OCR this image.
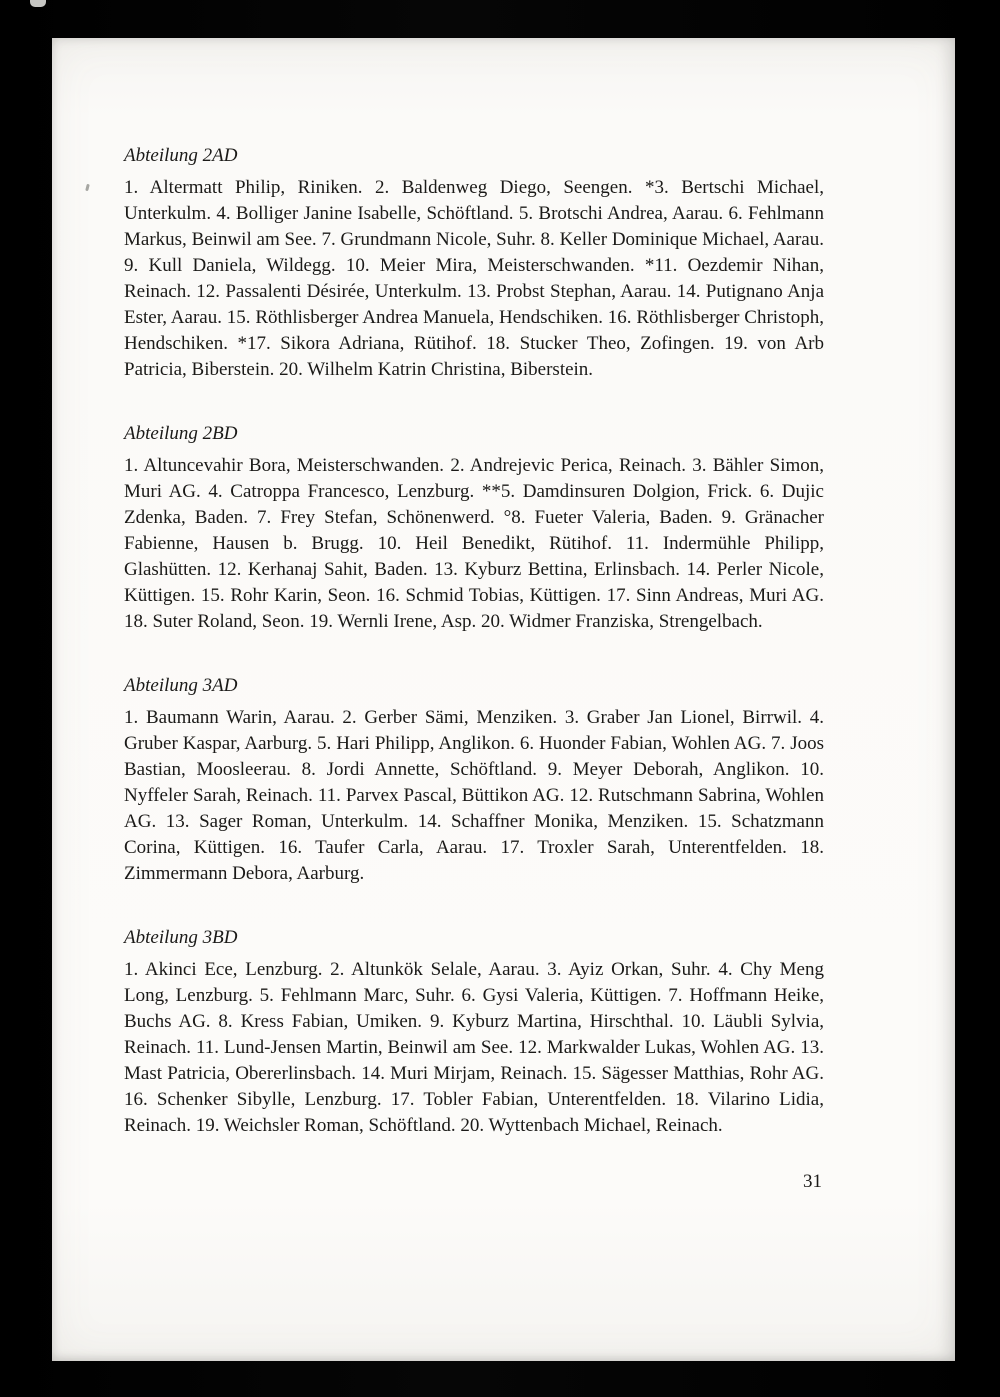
Abteilung 2AD

1. Altermatt Philip, Riniken. 2. Baldenweg Diego, Seengen. *3. Bertschi Michael, Unterkulm. 4. Bolliger Janine Isabelle, Schöftland. 5. Brotschi Andrea, Aarau. 6. Fehlmann Markus, Beinwil am See. 7. Grundmann Nicole, Suhr. 8. Keller Dominique Michael, Aarau. 9. Kull Daniela, Wildegg. 10. Meier Mira, Meisterschwanden. *11. Oezdemir Nihan, Reinach. 12. Passalenti Désirée, Unterkulm. 13. Probst Stephan, Aarau. 14. Putignano Anja Ester, Aarau. 15. Röthlisberger Andrea Manuela, Hendschiken. 16. Röthlisberger Christoph, Hendschiken. *17. Sikora Adriana, Rütihof. 18. Stucker Theo, Zofingen. 19. von Arb Patricia, Biberstein. 20. Wilhelm Katrin Christina, Biberstein.

Abteilung 2BD

1. Altuncevahir Bora, Meisterschwanden. 2. Andrejevic Perica, Reinach. 3. Bähler Simon, Muri AG. 4. Catroppa Francesco, Lenzburg. **5. Damdinsuren Dolgion, Frick. 6. Dujic Zdenka, Baden. 7. Frey Stefan, Schönenwerd. °8. Fueter Valeria, Baden. 9. Gränacher Fabienne, Hausen b. Brugg. 10. Heil Benedikt, Rütihof. 11. Indermühle Philipp, Glashütten. 12. Kerhanaj Sahit, Baden. 13. Kyburz Bettina, Erlinsbach. 14. Perler Nicole, Küttigen. 15. Rohr Karin, Seon. 16. Schmid Tobias, Küttigen. 17. Sinn Andreas, Muri AG. 18. Suter Roland, Seon. 19. Wernli Irene, Asp. 20. Widmer Franziska, Strengelbach.

Abteilung 3AD

1. Baumann Warin, Aarau. 2. Gerber Sämi, Menziken. 3. Graber Jan Lionel, Birrwil. 4. Gruber Kaspar, Aarburg. 5. Hari Philipp, Anglikon. 6. Huonder Fabian, Wohlen AG. 7. Joos Bastian, Moosleerau. 8. Jordi Annette, Schöftland. 9. Meyer Deborah, Anglikon. 10. Nyffeler Sarah, Reinach. 11. Parvex Pascal, Büttikon AG. 12. Rutschmann Sabrina, Wohlen AG. 13. Sager Roman, Unterkulm. 14. Schaffner Monika, Menziken. 15. Schatzmann Corina, Küttigen. 16. Taufer Carla, Aarau. 17. Troxler Sarah, Unterentfelden. 18. Zimmermann Debora, Aarburg.

Abteilung 3BD

1. Akinci Ece, Lenzburg. 2. Altunkök Selale, Aarau. 3. Ayiz Orkan, Suhr. 4. Chy Meng Long, Lenzburg. 5. Fehlmann Marc, Suhr. 6. Gysi Valeria, Küttigen. 7. Hoffmann Heike, Buchs AG. 8. Kress Fabian, Umiken. 9. Kyburz Martina, Hirschthal. 10. Läubli Sylvia, Reinach. 11. Lund-Jensen Martin, Beinwil am See. 12. Markwalder Lukas, Wohlen AG. 13. Mast Patricia, Obererlinsbach. 14. Muri Mirjam, Reinach. 15. Sägesser Matthias, Rohr AG. 16. Schenker Sibylle, Lenzburg. 17. Tobler Fabian, Unterentfelden. 18. Vilarino Lidia, Reinach. 19. Weichsler Roman, Schöftland. 20. Wyttenbach Michael, Reinach.

31
